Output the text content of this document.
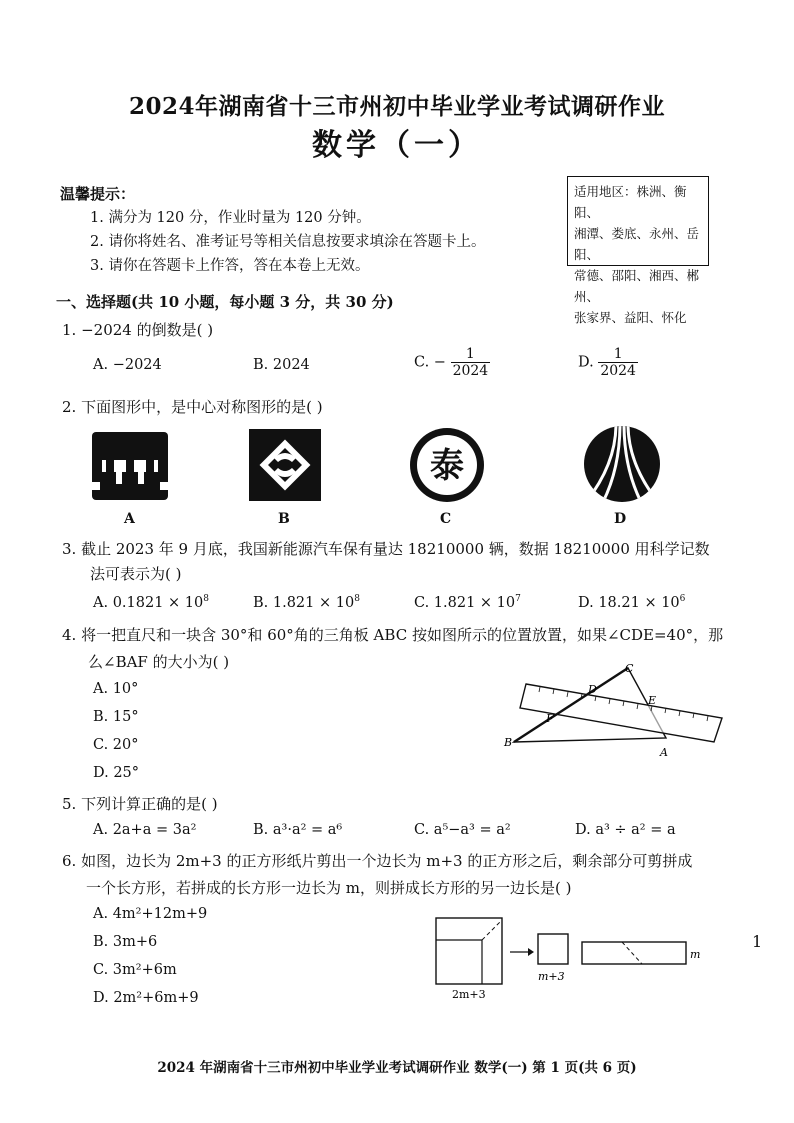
2024年湖南省十三市州初中毕业学业考试调研作业
数学（一）
温馨提示：
1. 满分为 120 分，作业时量为 120 分钟。
2. 请你将姓名、准考证号等相关信息按要求填涂在答题卡上。
3. 请你在答题卡上作答，答在本卷上无效。
适用地区：株洲、衡阳、
湘潭、娄底、永州、岳阳、
常德、邵阳、湘西、郴州、
张家界、益阳、怀化
一、选择题(共 10 小题，每小题 3 分，共 30 分)
1. −2024 的倒数是( )
A. −2024	B. 2024	C. − $\frac{1}{2024}$	D. $\frac{1}{2024}$
2. 下面图形中，是中心对称图形的是( )
A	B
泰
C	D
3. 截止 2023 年 9 月底，我国新能源汽车保有量达 18210000 辆，数据 18210000 用科学记数
法可表示为( )
A. $0.1821 \times 10^8$	B. $1.821 \times 10^8$	C. $1.821 \times 10^7$	D. $18.21 \times 10^6$
4. 将一把直尺和一块含 30°和 60°角的三角板 ABC 按如图所示的位置放置，如果∠CDE=40°，那
么∠BAF 的大小为( )
A. 10°
B. 15°
C. 20°
D. 25°
C
D
E
F
B
A
5. 下列计算正确的是( )
A. 2a+a = 3a²	B. a³·a² = a⁶	C. a⁵−a³ = a²	D. a³ ÷ a² = a
6. 如图，边长为 2m+3 的正方形纸片剪出一个边长为 m+3 的正方形之后，剩余部分可剪拼成
一个长方形，若拼成的长方形一边长为 m，则拼成长方形的另一边长是( )
A. 4m²+12m+9
B. 3m+6
C. 3m²+6m
D. 2m²+6m+9	2m+3
m+3
m
1
2024 年湖南省十三市州初中毕业学业考试调研作业 数学(一) 第 1 页(共 6 页)
